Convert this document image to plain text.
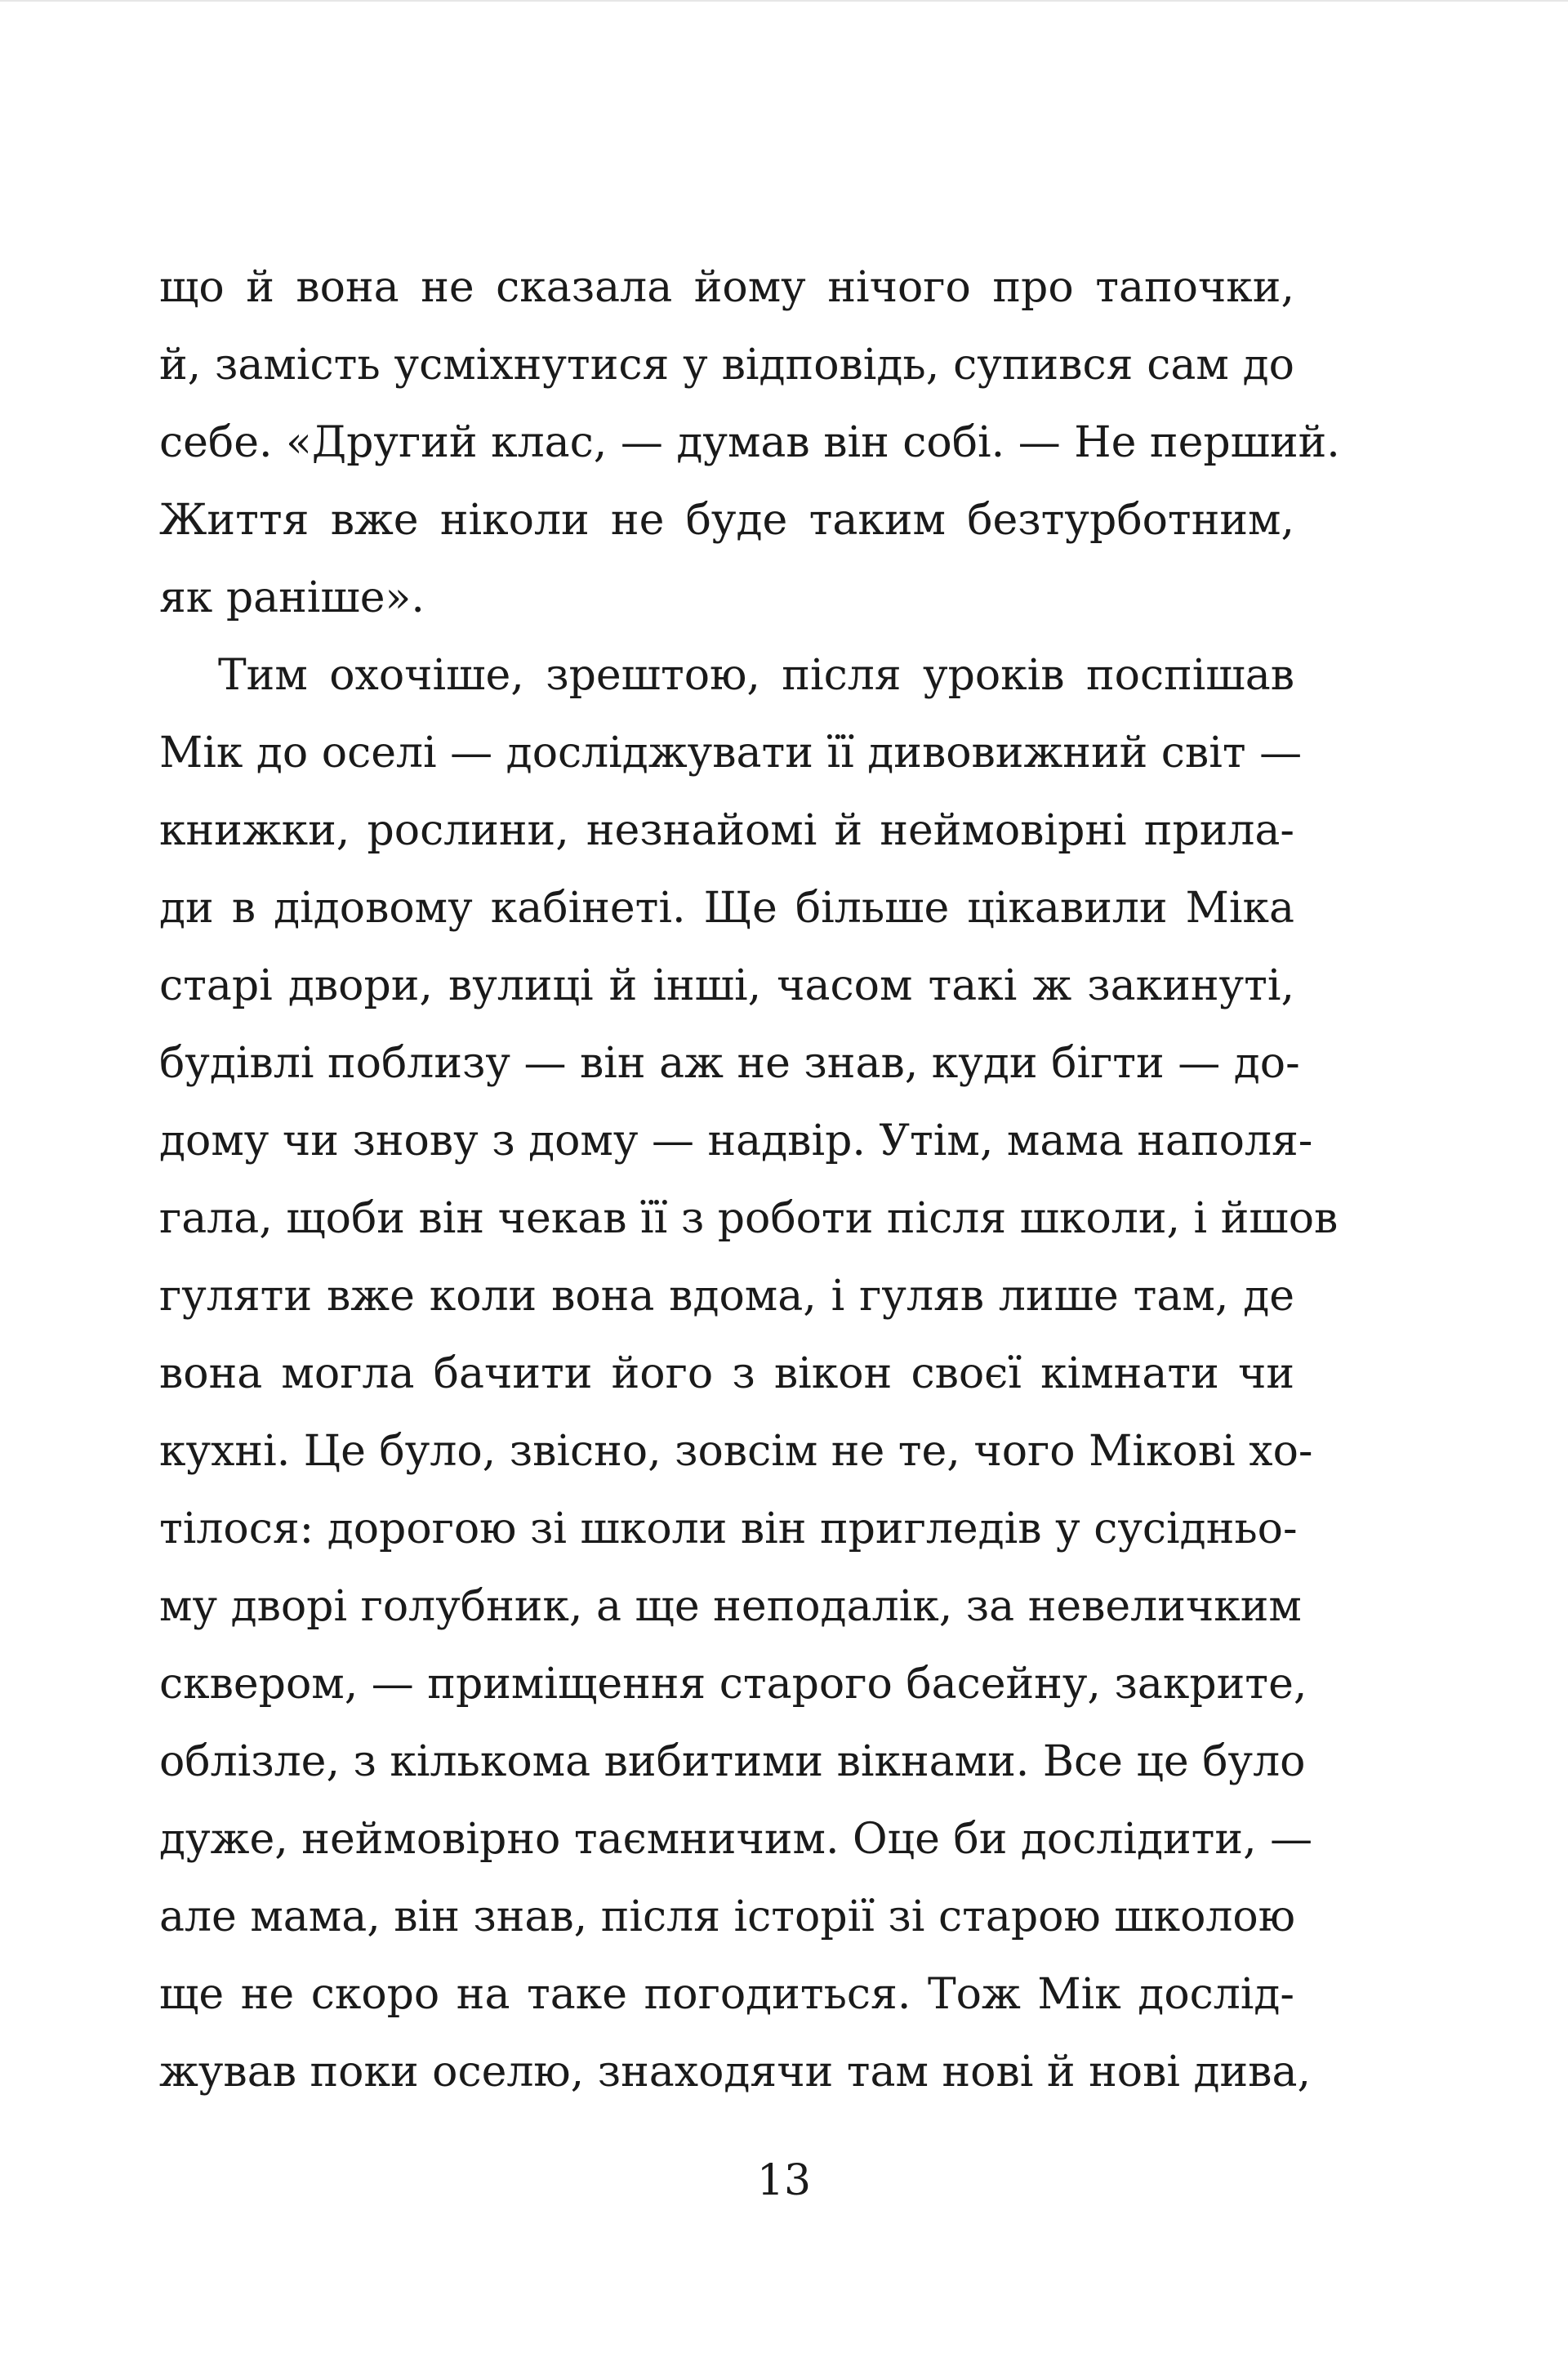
що й вона не сказала йому нічого про тапочки,
й, замість усміхнутися у відповідь, супився сам до
себе. «Другий клас, — думав він собі. — Не перший.
Життя вже ніколи не буде таким безтурботним,
як раніше».
Тим охочіше, зрештою, після уроків поспішав
Мік до оселі — досліджувати її дивовижний світ —
книжки, рослини, незнайомі й неймовірні прила-
ди в дідовому кабінеті. Ще більше цікавили Міка
старі двори, вулиці й інші, часом такі ж закинуті,
будівлі поблизу — він аж не знав, куди бігти — до-
дому чи знову з дому — надвір. Утім, мама наполя-
гала, щоби він чекав її з роботи після школи, і йшов
гуляти вже коли вона вдома, і гуляв лише там, де
вона могла бачити його з вікон своєї кімнати чи
кухні. Це було, звісно, зовсім не те, чого Мікові хо-
тілося: дорогою зі школи він пригледів у сусідньо-
му дворі голубник, а ще неподалік, за невеличким
сквером, — приміщення старого басейну, закрите,
облізле, з кількома вибитими вікнами. Все це було
дуже, неймовірно таємничим. Оце би дослідити, —
але мама, він знав, після історії зі старою школою
ще не скоро на таке погодиться. Тож Мік дослід-
жував поки оселю, знаходячи там нові й нові дива,
13
